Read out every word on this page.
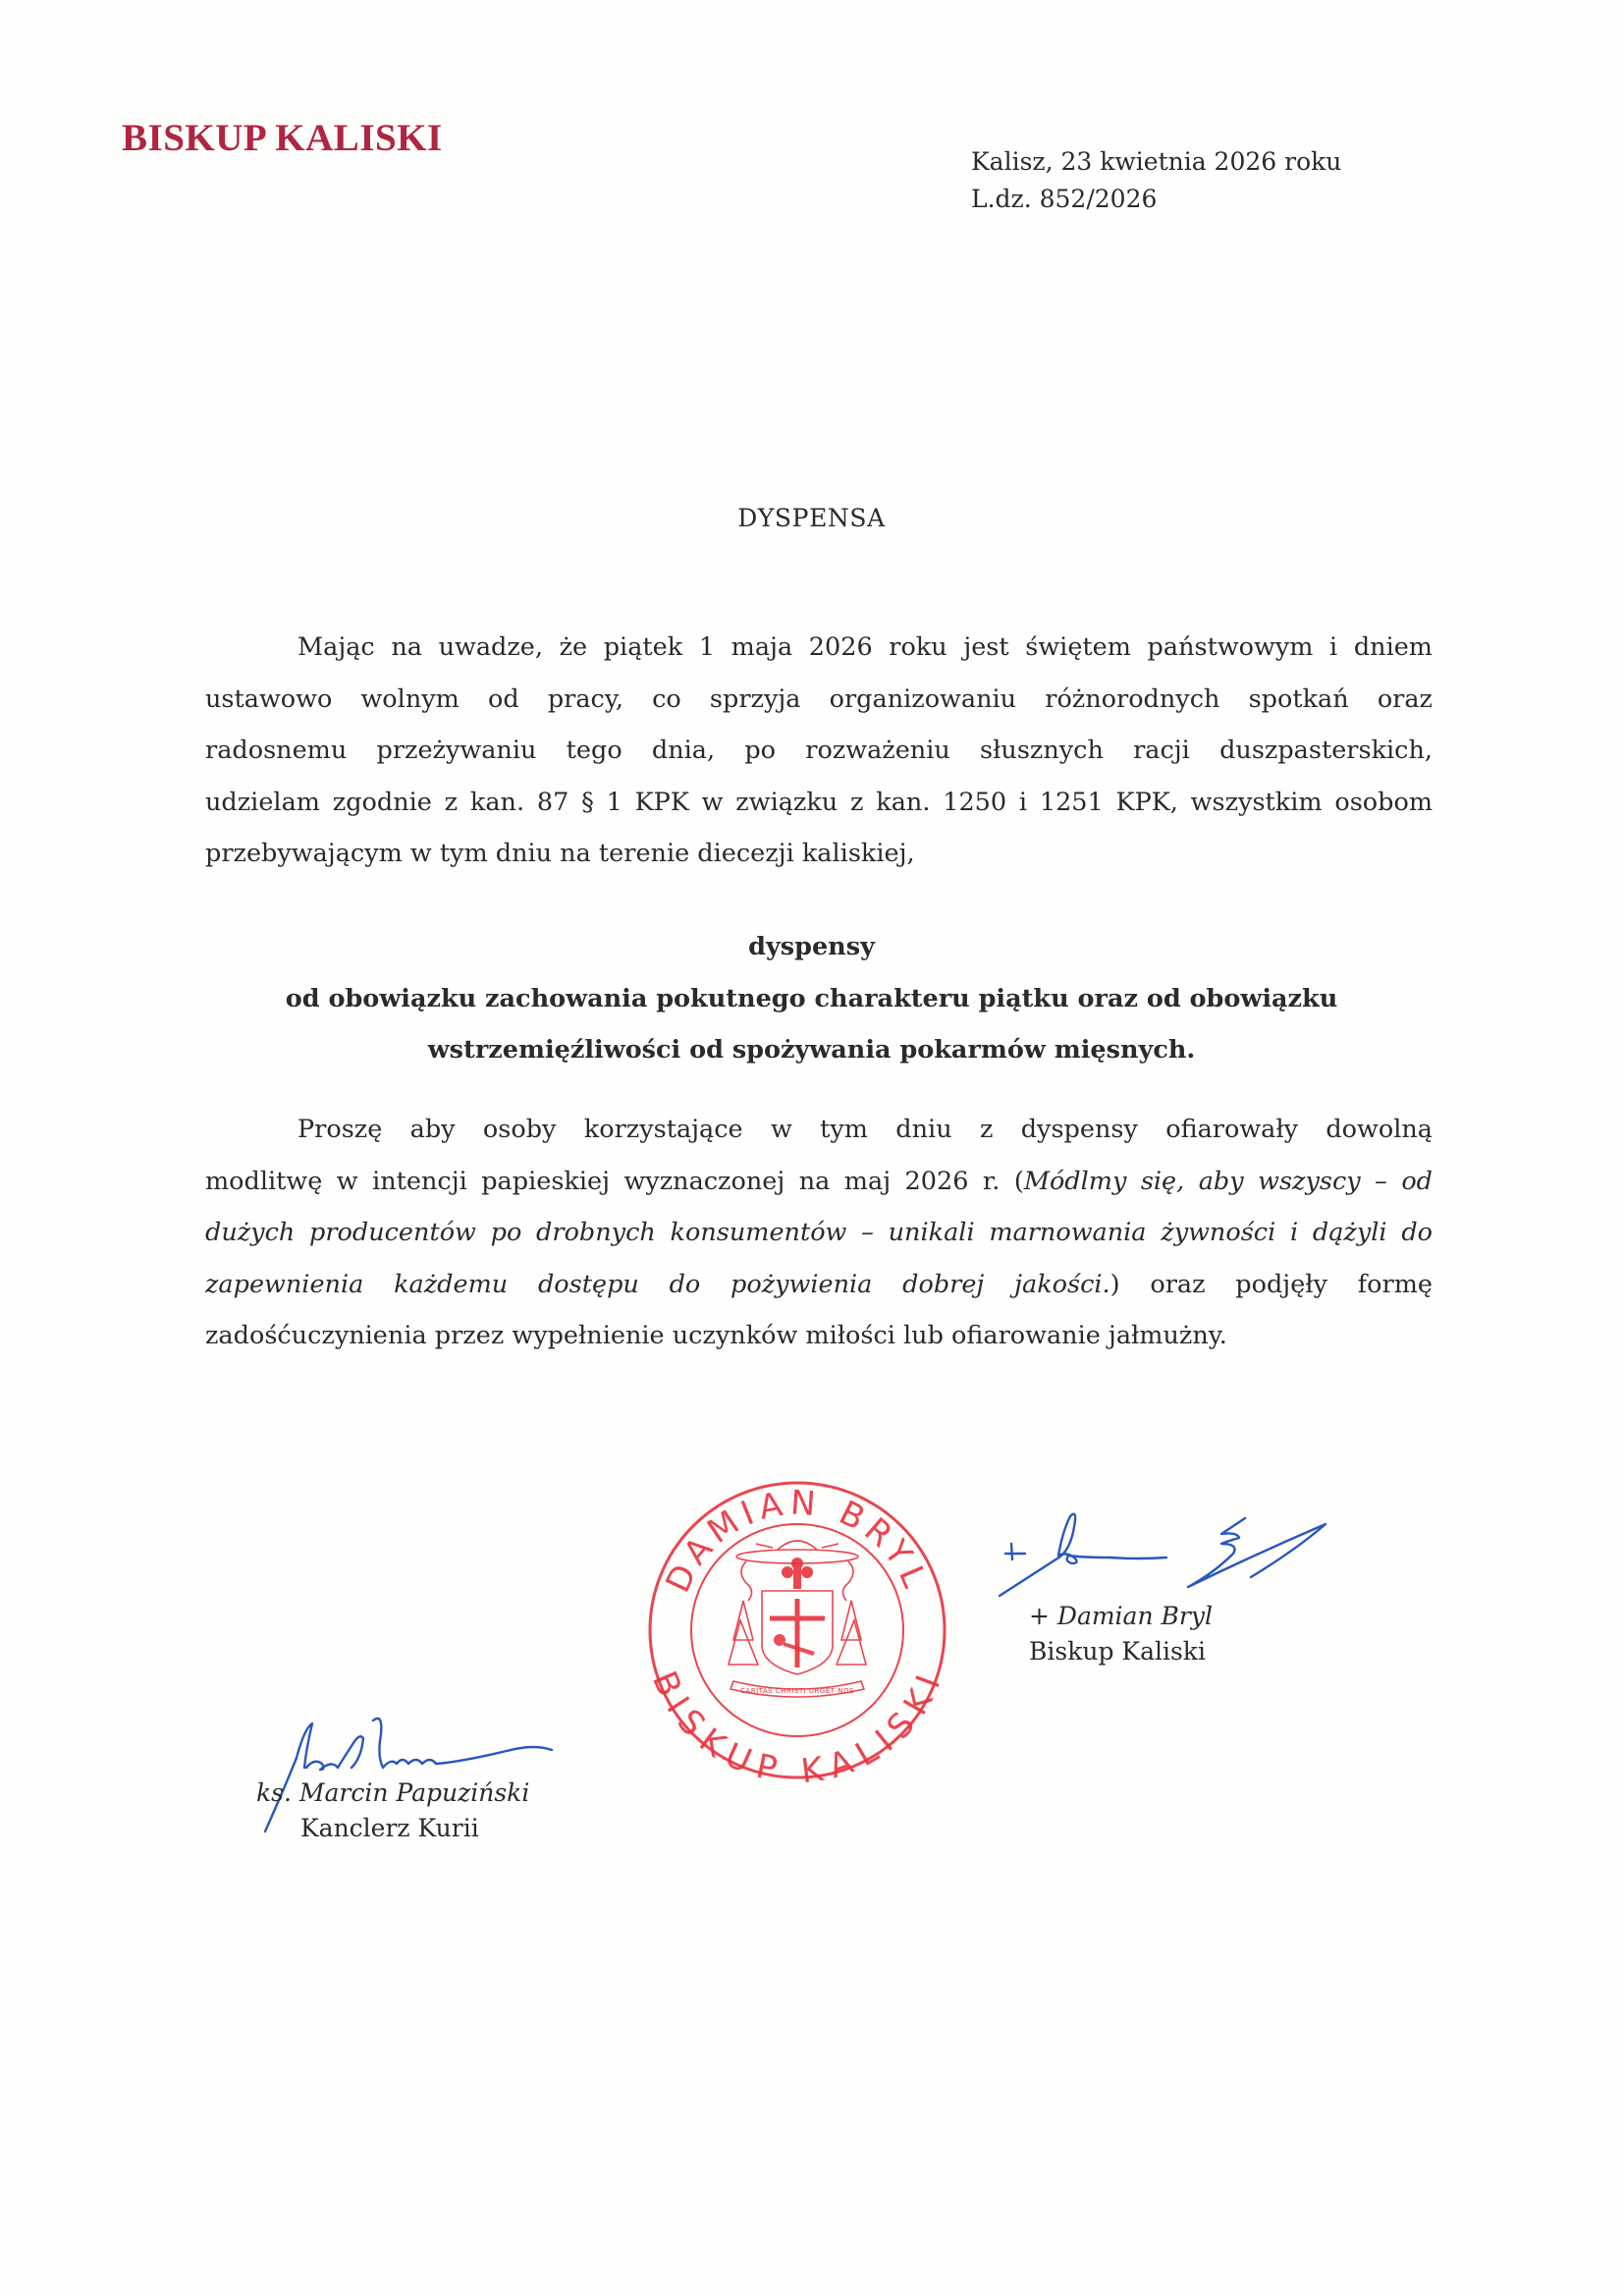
BISKUP KALISKI
Kalisz, 23 kwietnia 2026 roku
L.dz. 852/2026
DYSPENSA
Mając na uwadze, że piątek 1 maja 2026 roku jest świętem państwowym i dniem
ustawowo wolnym od pracy, co sprzyja organizowaniu różnorodnych spotkań oraz
radosnemu przeżywaniu tego dnia, po rozważeniu słusznych racji duszpasterskich,
udzielam zgodnie z kan. 87 § 1 KPK w związku z kan. 1250 i 1251 KPK, wszystkim osobom
przebywającym w tym dniu na terenie diecezji kaliskiej,
dyspensy
od obowiązku zachowania pokutnego charakteru piątku oraz od obowiązku
wstrzemięźliwości od spożywania pokarmów mięsnych.
Proszę aby osoby korzystające w tym dniu z dyspensy ofiarowały dowolną
modlitwę w intencji papieskiej wyznaczonej na maj 2026 r. (Módlmy się, aby wszyscy – od
dużych producentów po drobnych konsumentów – unikali marnowania żywności i dążyli do
zapewnienia każdemu dostępu do pożywienia dobrej jakości.) oraz podjęły formę
zadośćuczynienia przez wypełnienie uczynków miłości lub ofiarowanie jałmużny.
DAMIAN BRYL
BISKUP KALISKI
CARITAS CHRISTI URGET NOS
+ Damian Bryl
Biskup Kaliski
ks. Marcin Papuziński
Kanclerz Kurii
